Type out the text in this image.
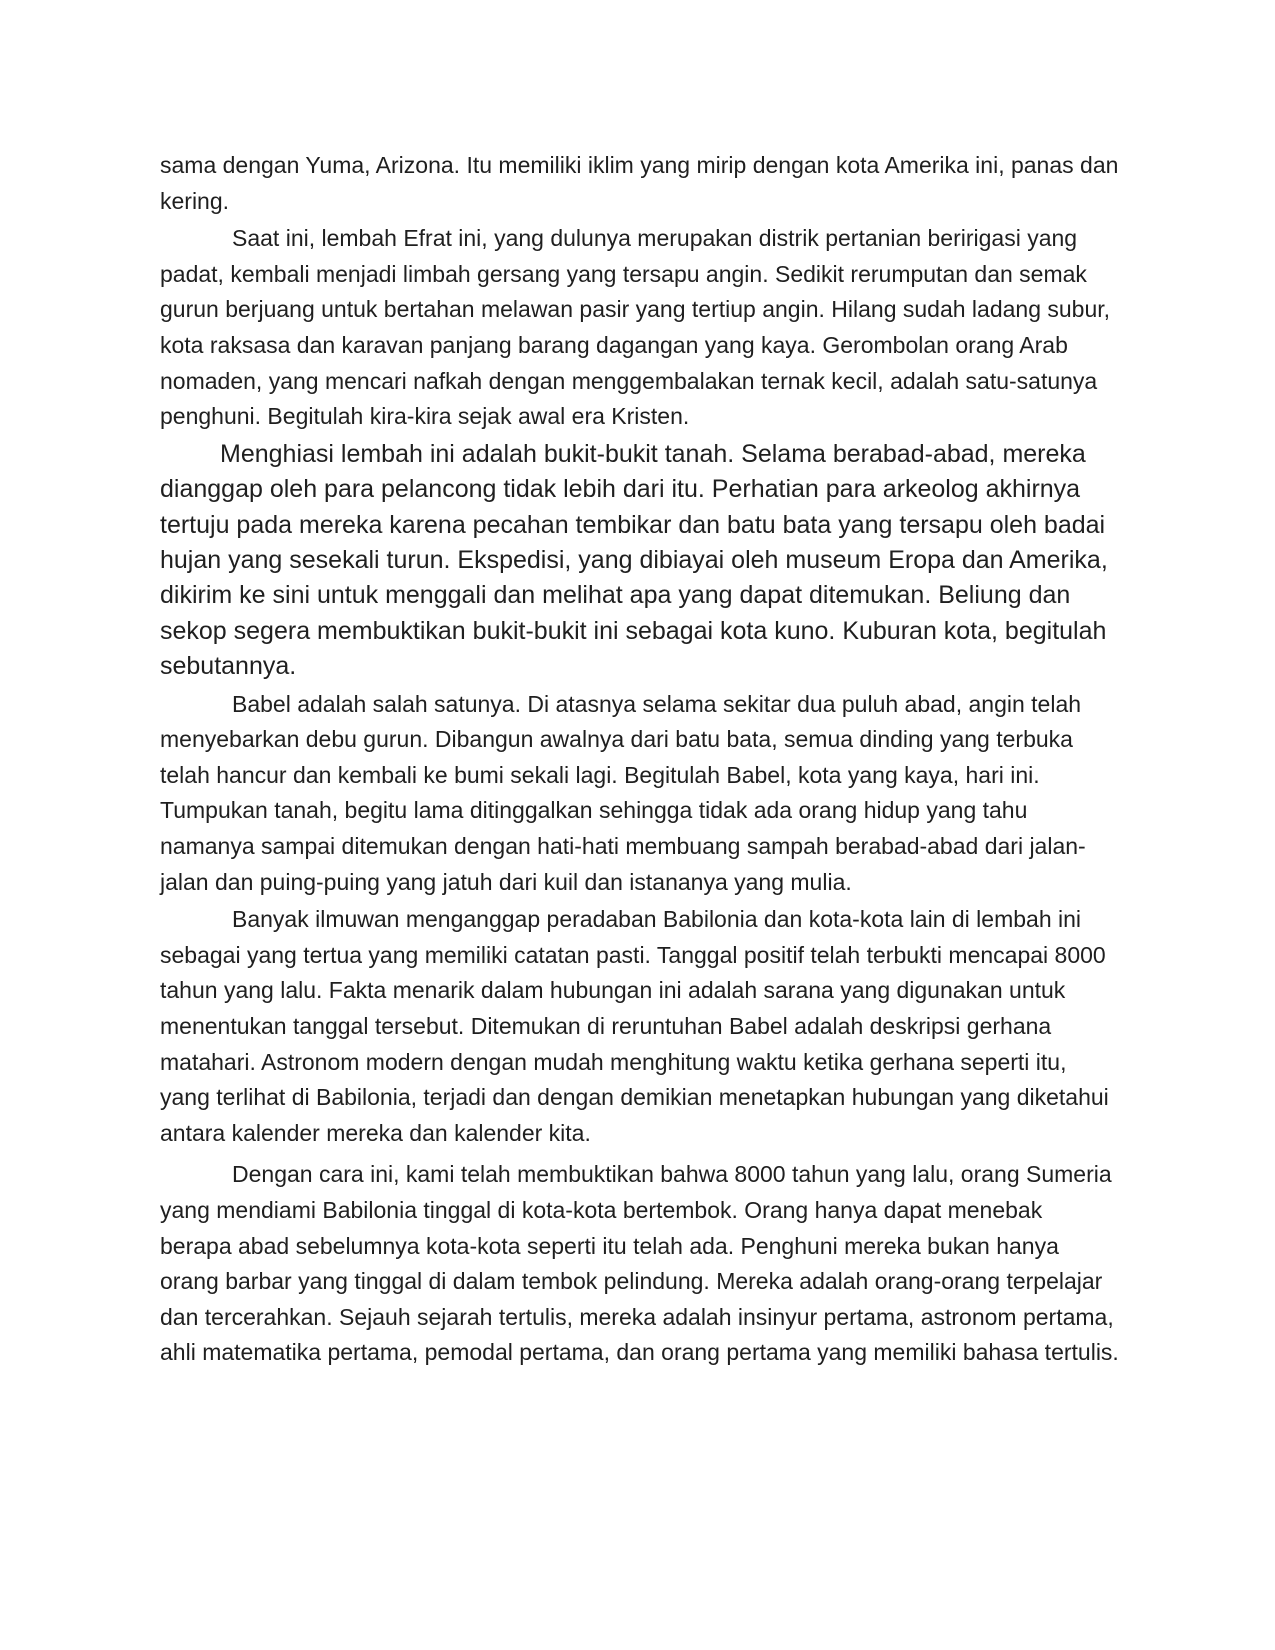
sama dengan Yuma, Arizona. Itu memiliki iklim yang mirip dengan kota Amerika ini, panas dan kering.

Saat ini, lembah Efrat ini, yang dulunya merupakan distrik pertanian beririgasi yang padat, kembali menjadi limbah gersang yang tersapu angin. Sedikit rerumputan dan semak gurun berjuang untuk bertahan melawan pasir yang tertiup angin. Hilang sudah ladang subur, kota raksasa dan karavan panjang barang dagangan yang kaya. Gerombolan orang Arab nomaden, yang mencari nafkah dengan menggembalakan ternak kecil, adalah satu-satunya penghuni. Begitulah kira-kira sejak awal era Kristen.

Menghiasi lembah ini adalah bukit-bukit tanah. Selama berabad-abad, mereka dianggap oleh para pelancong tidak lebih dari itu. Perhatian para arkeolog akhirnya tertuju pada mereka karena pecahan tembikar dan batu bata yang tersapu oleh badai hujan yang sesekali turun. Ekspedisi, yang dibiayai oleh museum Eropa dan Amerika, dikirim ke sini untuk menggali dan melihat apa yang dapat ditemukan. Beliung dan sekop segera membuktikan bukit-bukit ini sebagai kota kuno. Kuburan kota, begitulah sebutannya.

Babel adalah salah satunya. Di atasnya selama sekitar dua puluh abad, angin telah menyebarkan debu gurun. Dibangun awalnya dari batu bata, semua dinding yang terbuka telah hancur dan kembali ke bumi sekali lagi. Begitulah Babel, kota yang kaya, hari ini. Tumpukan tanah, begitu lama ditinggalkan sehingga tidak ada orang hidup yang tahu namanya sampai ditemukan dengan hati-hati membuang sampah berabad-abad dari jalan-jalan dan puing-puing yang jatuh dari kuil dan istananya yang mulia.

Banyak ilmuwan menganggap peradaban Babilonia dan kota-kota lain di lembah ini sebagai yang tertua yang memiliki catatan pasti. Tanggal positif telah terbukti mencapai 8000 tahun yang lalu. Fakta menarik dalam hubungan ini adalah sarana yang digunakan untuk menentukan tanggal tersebut. Ditemukan di reruntuhan Babel adalah deskripsi gerhana matahari. Astronom modern dengan mudah menghitung waktu ketika gerhana seperti itu, yang terlihat di Babilonia, terjadi dan dengan demikian menetapkan hubungan yang diketahui antara kalender mereka dan kalender kita.

Dengan cara ini, kami telah membuktikan bahwa 8000 tahun yang lalu, orang Sumeria yang mendiami Babilonia tinggal di kota-kota bertembok. Orang hanya dapat menebak berapa abad sebelumnya kota-kota seperti itu telah ada. Penghuni mereka bukan hanya orang barbar yang tinggal di dalam tembok pelindung. Mereka adalah orang-orang terpelajar dan tercerahkan. Sejauh sejarah tertulis, mereka adalah insinyur pertama, astronom pertama, ahli matematika pertama, pemodal pertama, dan orang pertama yang memiliki bahasa tertulis.
